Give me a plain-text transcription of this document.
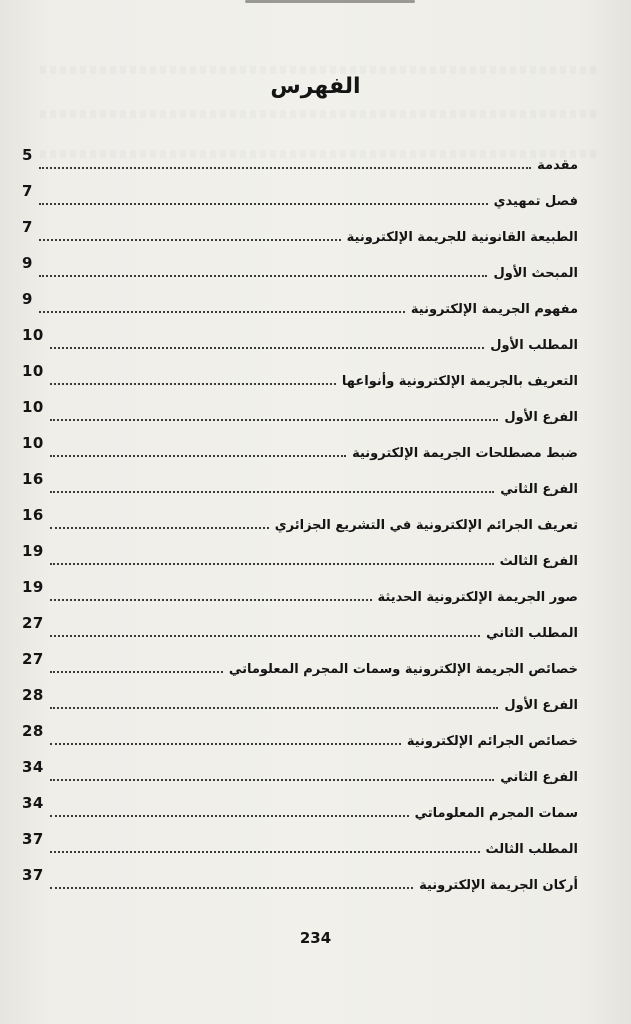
الفهرس
5
مقدمة
7
فصل تمهيدي
7
الطبيعة القانونية للجريمة الإلكترونية
9
المبحث الأول
9
مفهوم الجريمة الإلكترونية
10
المطلب الأول
10
التعريف بالجريمة الإلكترونية وأنواعها
10
الفرع الأول
10
ضبط مصطلحات الجريمة الإلكترونية
16
الفرع الثاني
16
تعريف الجرائم الإلكترونية في التشريع الجزائري
19
الفرع الثالث
19
صور الجريمة الإلكترونية الحديثة
27
المطلب الثاني
27
خصائص الجريمة الإلكترونية وسمات المجرم المعلوماتي
28
الفرع الأول
28
خصائص الجرائم الإلكترونية
34
الفرع الثاني
34
سمات المجرم المعلوماتي
37
المطلب الثالث
37
أركان الجريمة الإلكترونية
234
